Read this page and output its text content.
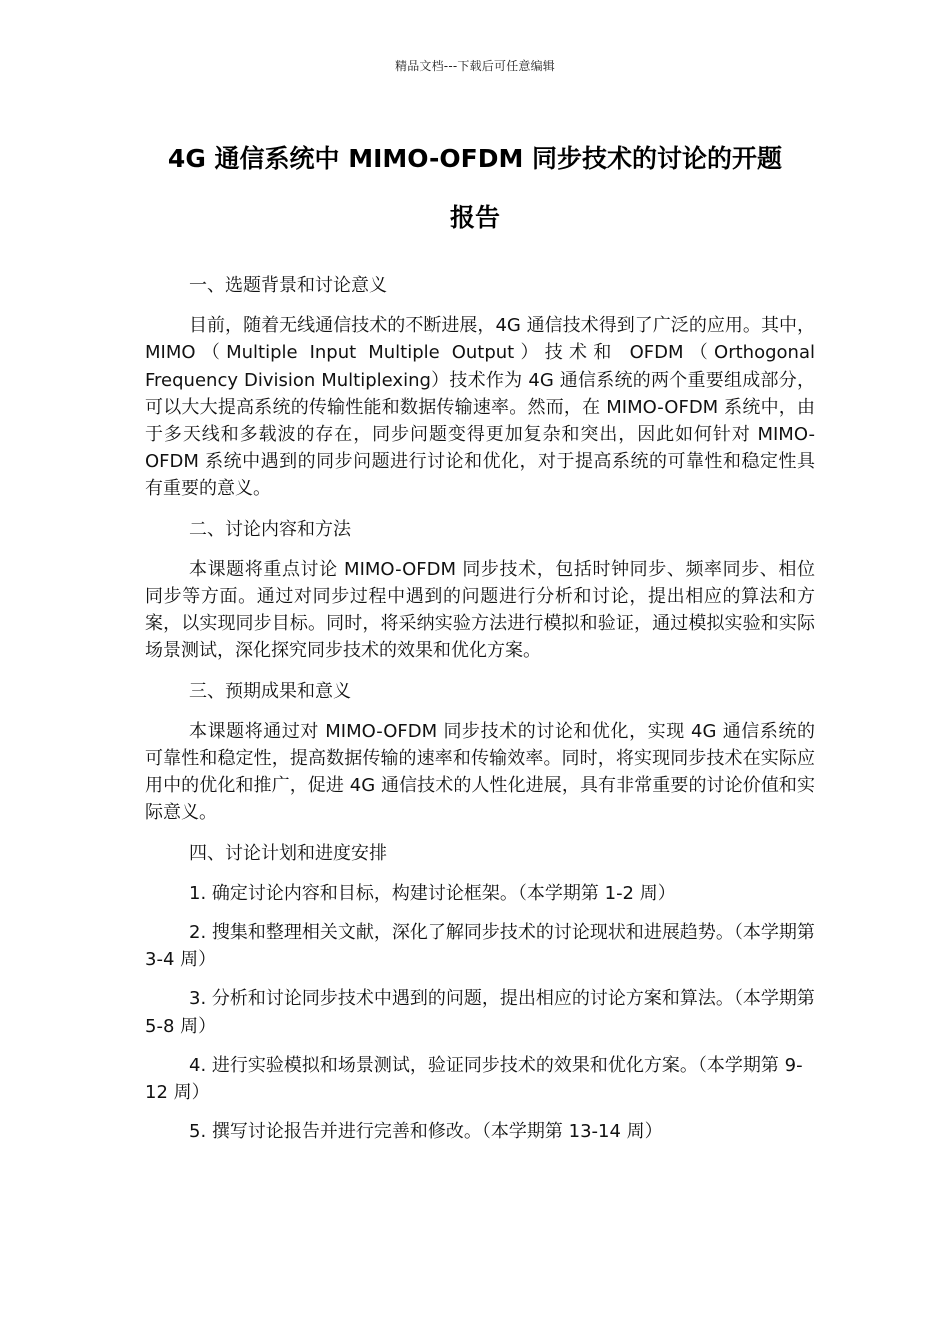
精品文档---下载后可任意编辑
4G 通信系统中 MIMO-OFDM 同步技术的讨论的开题
报告

一、选题背景和讨论意义

目前，随着无线通信技术的不断进展，4G 通信技术得到了广泛的应用。其中，MIMO（Multiple Input Multiple Output）技术和 OFDM（Orthogonal Frequency Division Multiplexing）技术作为 4G 通信系统的两个重要组成部分，可以大大提高系统的传输性能和数据传输速率。然而，在 MIMO-OFDM 系统中，由于多天线和多载波的存在，同步问题变得更加复杂和突出，因此如何针对 MIMO-OFDM 系统中遇到的同步问题进行讨论和优化，对于提高系统的可靠性和稳定性具有重要的意义。

二、讨论内容和方法

本课题将重点讨论 MIMO-OFDM 同步技术，包括时钟同步、频率同步、相位同步等方面。通过对同步过程中遇到的问题进行分析和讨论，提出相应的算法和方案，以实现同步目标。同时，将采纳实验方法进行模拟和验证，通过模拟实验和实际场景测试，深化探究同步技术的效果和优化方案。

三、预期成果和意义

本课题将通过对 MIMO-OFDM 同步技术的讨论和优化，实现 4G 通信系统的可靠性和稳定性，提高数据传输的速率和传输效率。同时，将实现同步技术在实际应用中的优化和推广，促进 4G 通信技术的人性化进展，具有非常重要的讨论价值和实际意义。

四、讨论计划和进度安排

1. 确定讨论内容和目标，构建讨论框架。（本学期第 1-2 周）

2. 搜集和整理相关文献，深化了解同步技术的讨论现状和进展趋势。（本学期第 3-4 周）

3. 分析和讨论同步技术中遇到的问题，提出相应的讨论方案和算法。（本学期第 5-8 周）

4. 进行实验模拟和场景测试，验证同步技术的效果和优化方案。（本学期第 9-12 周）

5. 撰写讨论报告并进行完善和修改。（本学期第 13-14 周）
